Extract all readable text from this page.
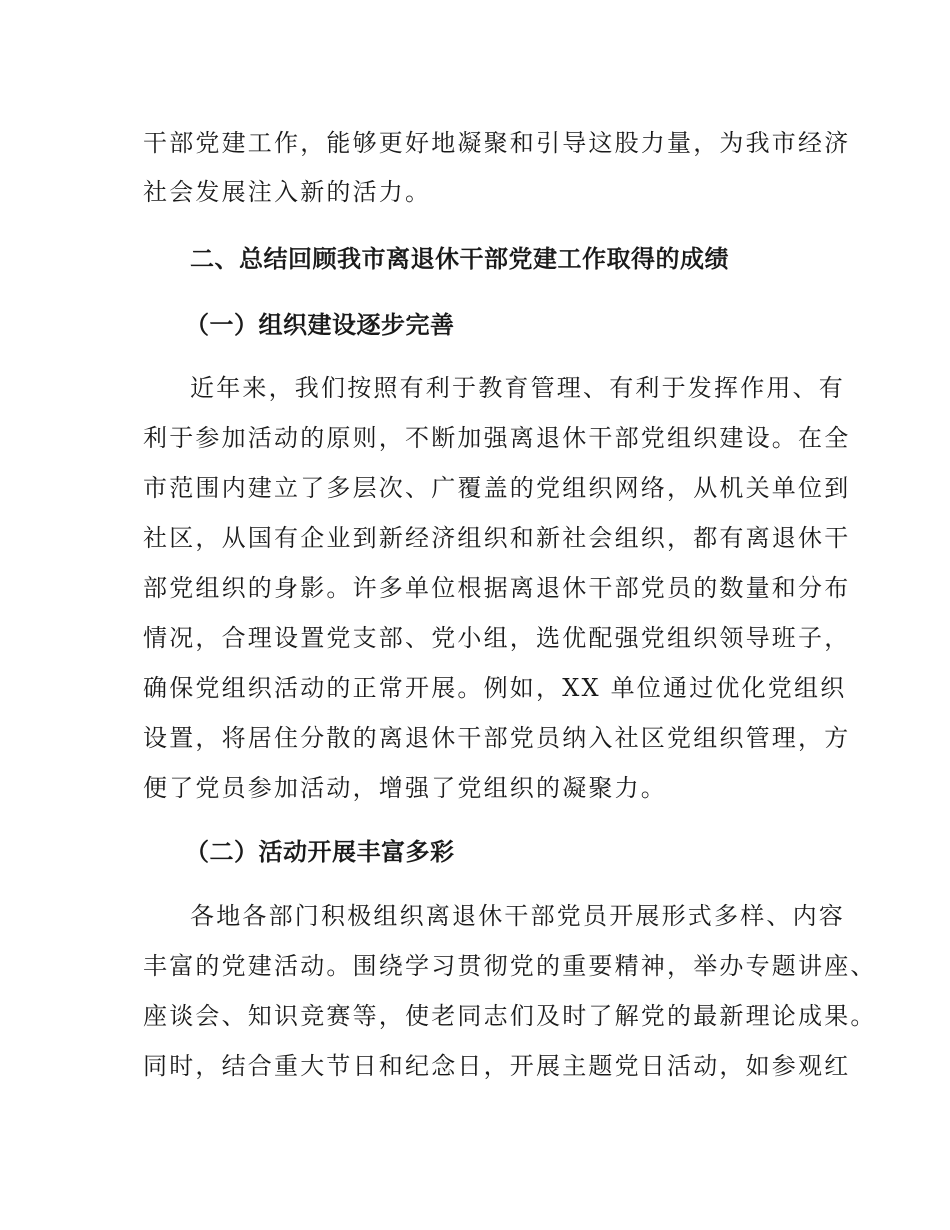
干部党建工作，能够更好地凝聚和引导这股力量，为我市经济
社会发展注入新的活力。
二、总结回顾我市离退休干部党建工作取得的成绩
（一）组织建设逐步完善
近年来，我们按照有利于教育管理、有利于发挥作用、有
利于参加活动的原则，不断加强离退休干部党组织建设。在全
市范围内建立了多层次、广覆盖的党组织网络，从机关单位到
社区，从国有企业到新经济组织和新社会组织，都有离退休干
部党组织的身影。许多单位根据离退休干部党员的数量和分布
情况，合理设置党支部、党小组，选优配强党组织领导班子，
确保党组织活动的正常开展。例如，XX 单位通过优化党组织
设置，将居住分散的离退休干部党员纳入社区党组织管理，方
便了党员参加活动，增强了党组织的凝聚力。
（二）活动开展丰富多彩
各地各部门积极组织离退休干部党员开展形式多样、内容
丰富的党建活动。围绕学习贯彻党的重要精神，举办专题讲座、
座谈会、知识竞赛等，使老同志们及时了解党的最新理论成果。
同时，结合重大节日和纪念日，开展主题党日活动，如参观红
